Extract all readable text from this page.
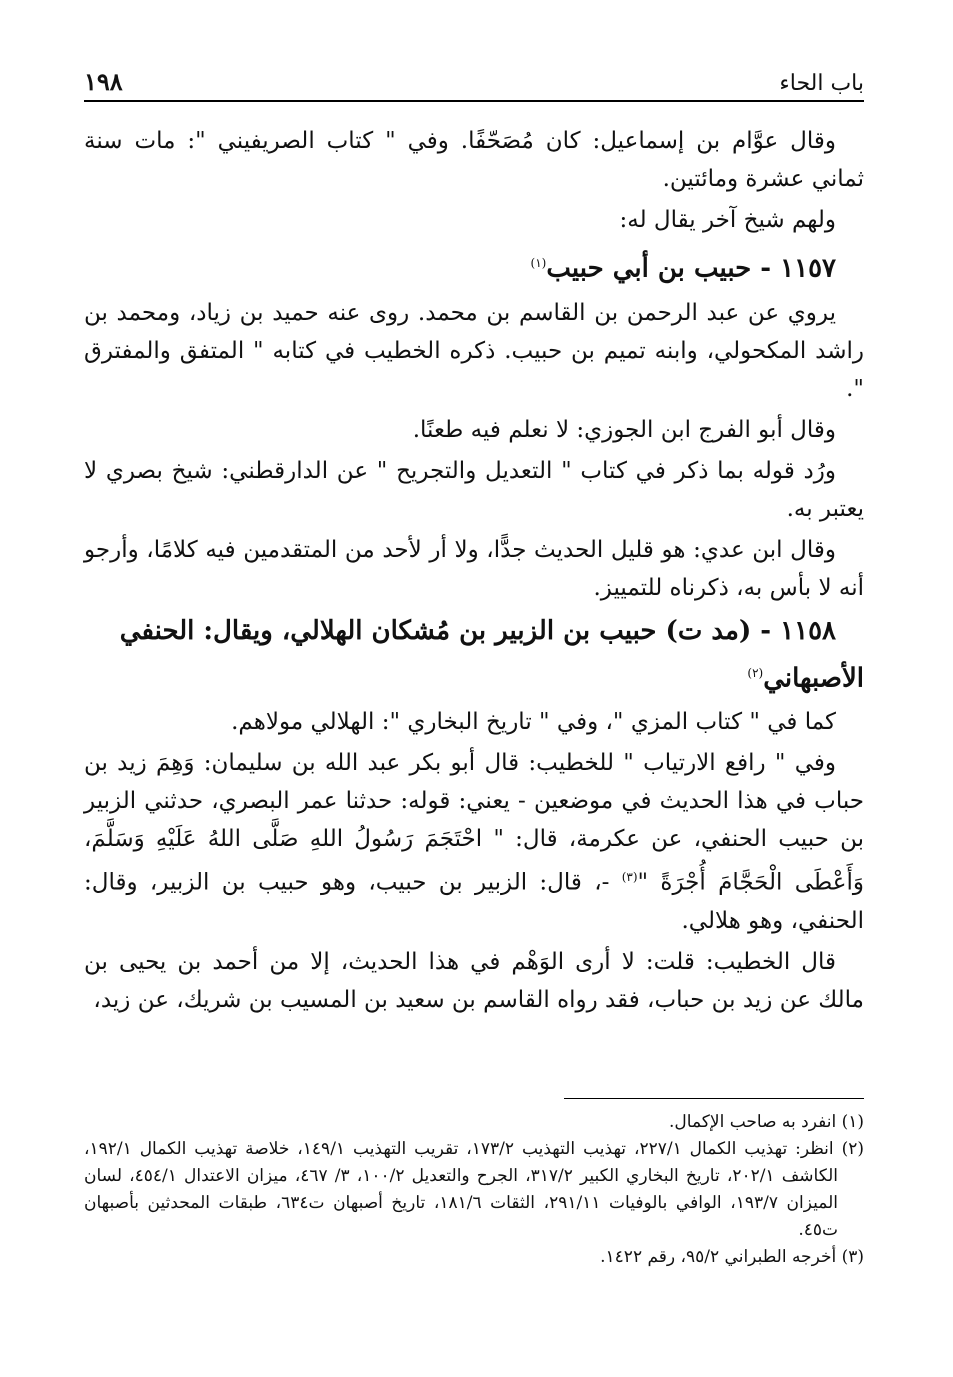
باب الحاء
١٩٨

وقال عوَّام بن إسماعيل: كان مُصَحّفًا. وفي " كتاب الصريفيني ": مات سنة ثماني عشرة ومائتين.

ولهم شيخ آخر يقال له:

١١٥٧ - حبيب بن أبي حبيب$^{(١)}$

يروي عن عبد الرحمن بن القاسم بن محمد. روى عنه حميد بن زياد، ومحمد بن راشد المكحولي، وابنه تميم بن حبيب. ذكره الخطيب في كتابه " المتفق والمفترق ".

وقال أبو الفرج ابن الجوزي: لا نعلم فيه طعنًا.

ورُد قوله بما ذكر في كتاب " التعديل والتجريح " عن الدارقطني: شيخ بصري لا يعتبر به.

وقال ابن عدي: هو قليل الحديث جدًّا، ولا أر لأحد من المتقدمين فيه كلامًا، وأرجو أنه لا بأس به، ذكرناه للتمييز.

١١٥٨ - (مد ت) حبيب بن الزبير بن مُشكان الهلالي، ويقال: الحنفي الأصبهاني$^{(٢)}$

كما في " كتاب المزي "، وفي " تاريخ البخاري ": الهلالي مولاهم.

وفي " رافع الارتياب " للخطيب: قال أبو بكر عبد الله بن سليمان: وَهِمَ زيد بن حباب في هذا الحديث في موضعين - يعني: قوله: حدثنا عمر البصري، حدثني الزبير بن حبيب الحنفي، عن عكرمة، قال: " احْتَجَمَ رَسُولُ اللهِ صَلَّى اللهُ عَلَيْهِ وَسَلَّمَ، وَأَعْطَى الْحَجَّامَ أُجْرَةً "$^{(٣)}$ -، قال: الزبير بن حبيب، وهو حبيب بن الزبير، وقال: الحنفي، وهو هلالي.

قال الخطيب: قلت: لا أرى الوَهْم في هذا الحديث، إلا من أحمد بن يحيى بن مالك عن زيد بن حباب، فقد رواه القاسم بن سعيد بن المسيب بن شريك، عن زيد،

(١) انفرد به صاحب الإكمال.

(٢) انظر: تهذيب الكمال ٢٢٧/١، تهذيب التهذيب ١٧٣/٢، تقريب التهذيب ١٤٩/١، خلاصة تهذيب الكمال ١٩٢/١، الكاشف ٢٠٢/١، تاريخ البخاري الكبير ٣١٧/٢، الجرح والتعديل ١٠٠/٢، ٣/ ٤٦٧، ميزان الاعتدال ٤٥٤/١، لسان الميزان ١٩٣/٧، الوافي بالوفيات ٢٩١/١١، الثقات ١٨١/٦، تاريخ أصبهان ت٦٣٤، طبقات المحدثين بأصبهان ت٤٥.

(٣) أخرجه الطبراني ٩٥/٢، رقم ١٤٢٢.
